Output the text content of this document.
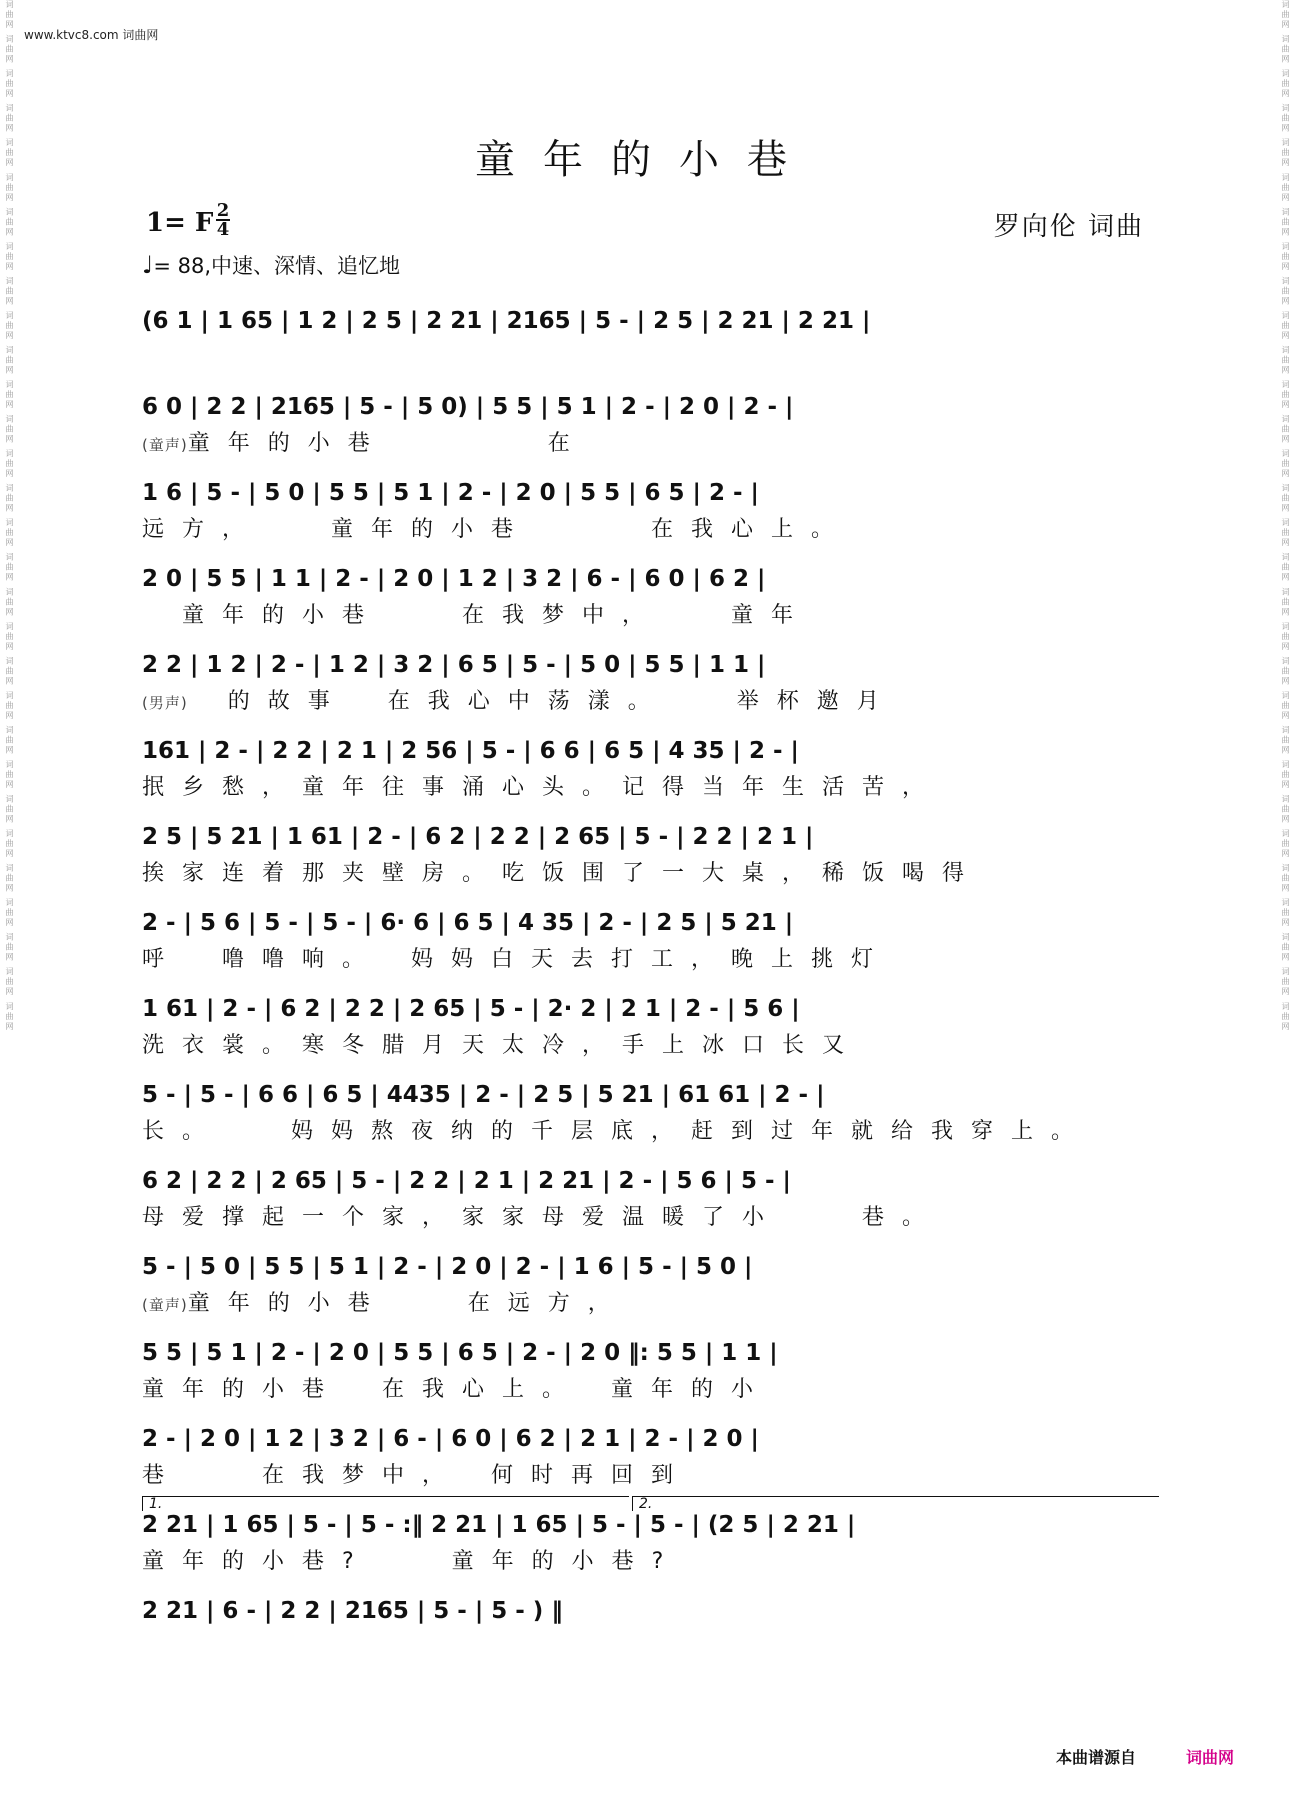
词曲网 词曲网 词曲网 词曲网 词曲网 词曲网 词曲网 词曲网 词曲网 词曲网 词曲网 词曲网 词曲网 词曲网 词曲网 词曲网 词曲网 词曲网 词曲网 词曲网 词曲网 词曲网 词曲网 词曲网 词曲网 词曲网 词曲网 词曲网 词曲网 词曲网	词曲网 词曲网 词曲网 词曲网 词曲网 词曲网 词曲网 词曲网 词曲网 词曲网 词曲网 词曲网 词曲网 词曲网 词曲网 词曲网 词曲网 词曲网 词曲网 词曲网 词曲网 词曲网 词曲网 词曲网 词曲网 词曲网 词曲网 词曲网 词曲网 词曲网
www.ktvc8.com 词曲网
童年的小巷
1= F 2
4
♩= 88,中速、深情、追忆地
罗向伦 词曲
(6 1 | 1 65 | 1 2 | 2 5 | 2 21 | 2165 | 5 - | 2 5 | 2 21 | 2 21 |
6 0 | 2 2 | 2165 | 5 - | 5 0) | 5 5 | 5 1 | 2 - | 2 0 | 2 - |
(童声)童年的小巷　　　　在
1 6 | 5 - | 5 0 | 5 5 | 5 1 | 2 - | 2 0 | 5 5 | 6 5 | 2 - |
远方，　　童年的小巷　　　在我心上。
2 0 | 5 5 | 1 1 | 2 - | 2 0 | 1 2 | 3 2 | 6 - | 6 0 | 6 2 |
　童年的小巷　　在我梦中，　　童年
2 2 | 1 2 | 2 - | 1 2 | 3 2 | 6 5 | 5 - | 5 0 | 5 5 | 1 1 |
(男声)　的故事　在我心中荡漾。　　举杯邀月
161 | 2 - | 2 2 | 2 1 | 2 56 | 5 - | 6 6 | 6 5 | 4 35 | 2 - |
抿乡愁，童年往事涌心头。记得当年生活苦，
2 5 | 5 21 | 1 61 | 2 - | 6 2 | 2 2 | 2 65 | 5 - | 2 2 | 2 1 |
挨家连着那夹壁房。吃饭围了一大桌，稀饭喝得
2 - | 5 6 | 5 - | 5 - | 6· 6 | 6 5 | 4 35 | 2 - | 2 5 | 5 21 |
呼　噜噜响。　妈妈白天去打工，晚上挑灯
1 61 | 2 - | 6 2 | 2 2 | 2 65 | 5 - | 2· 2 | 2 1 | 2 - | 5 6 |
洗衣裳。寒冬腊月天太冷，手上冰口长又
5 - | 5 - | 6 6 | 6 5 | 4435 | 2 - | 2 5 | 5 21 | 61 61 | 2 - |
长。　　妈妈熬夜纳的千层底，赶到过年就给我穿上。
6 2 | 2 2 | 2 65 | 5 - | 2 2 | 2 1 | 2 21 | 2 - | 5 6 | 5 - |
母爱撑起一个家，家家母爱温暖了小　　巷。
5 - | 5 0 | 5 5 | 5 1 | 2 - | 2 0 | 2 - | 1 6 | 5 - | 5 0 |
(童声)童年的小巷　　在远方，
5 5 | 5 1 | 2 - | 2 0 | 5 5 | 6 5 | 2 - | 2 0 ‖: 5 5 | 1 1 |
童年的小巷　在我心上。　童年的小
2 - | 2 0 | 1 2 | 3 2 | 6 - | 6 0 | 6 2 | 2 1 | 2 - | 2 0 |
巷　　在我梦中，　何时再回到
2 21 | 1 65 | 5 - | 5 - :‖ 2 21 | 1 65 | 5 - | 5 - | (2 5 | 2 21 |
童年的小巷?　　童年的小巷?
1.	2.
2 21 | 6 - | 2 2 | 2165 | 5 - | 5 - ) ‖
本曲谱源自	词曲网
